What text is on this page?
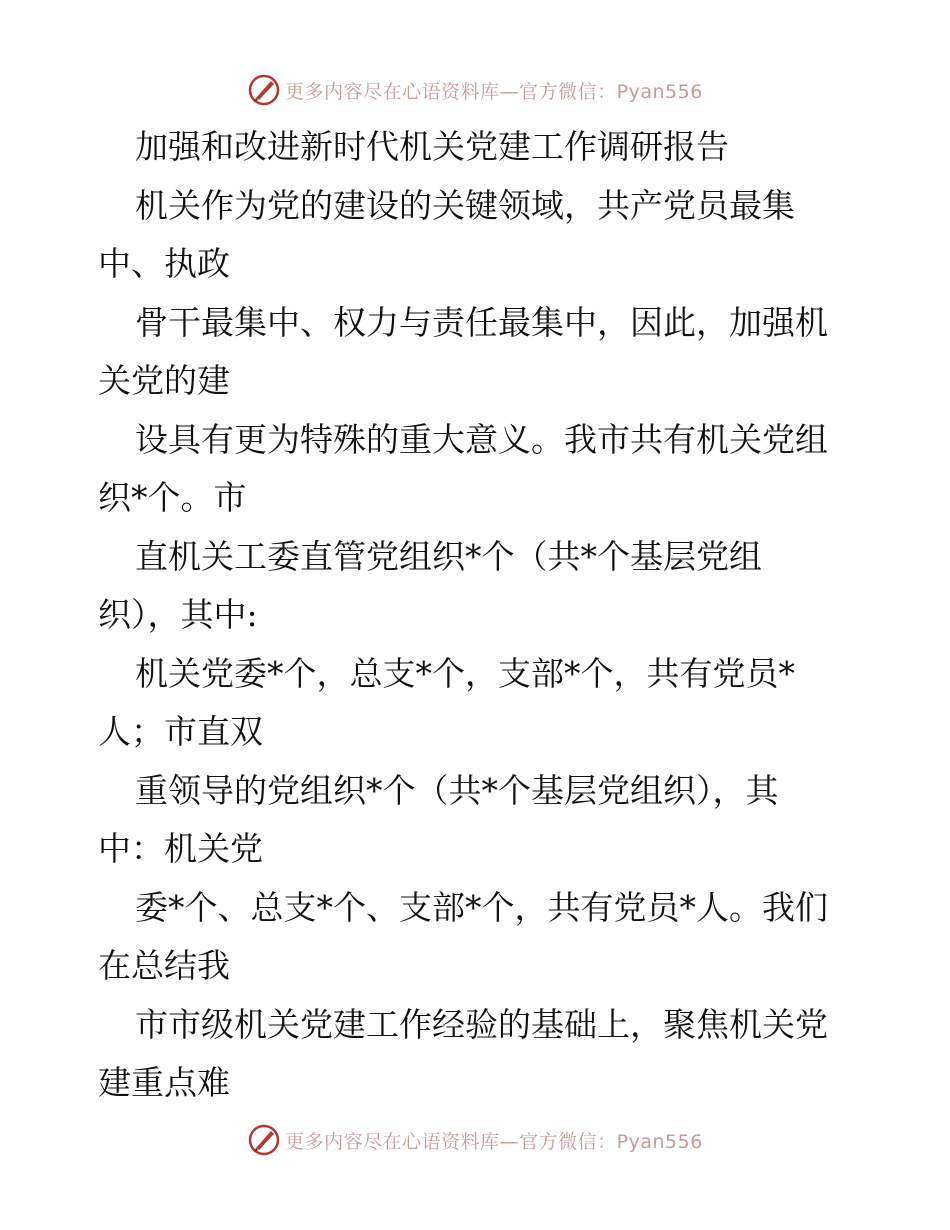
更多内容尽在心语资料库—官方微信：Pyan556
加强和改进新时代机关党建工作调研报告
机关作为党的建设的关键领域，共产党员最集
中、执政
骨干最集中、权力与责任最集中，因此，加强机
关党的建
设具有更为特殊的重大意义。我市共有机关党组
织*个。市
直机关工委直管党组织*个（共*个基层党组
织），其中:
机关党委*个，总支*个，支部*个，共有党员*
人；市直双
重领导的党组织*个（共*个基层党组织），其
中：机关党
委*个、总支*个、支部*个，共有党员*人。我们
在总结我
市市级机关党建工作经验的基础上，聚焦机关党
建重点难
更多内容尽在心语资料库—官方微信：Pyan556
